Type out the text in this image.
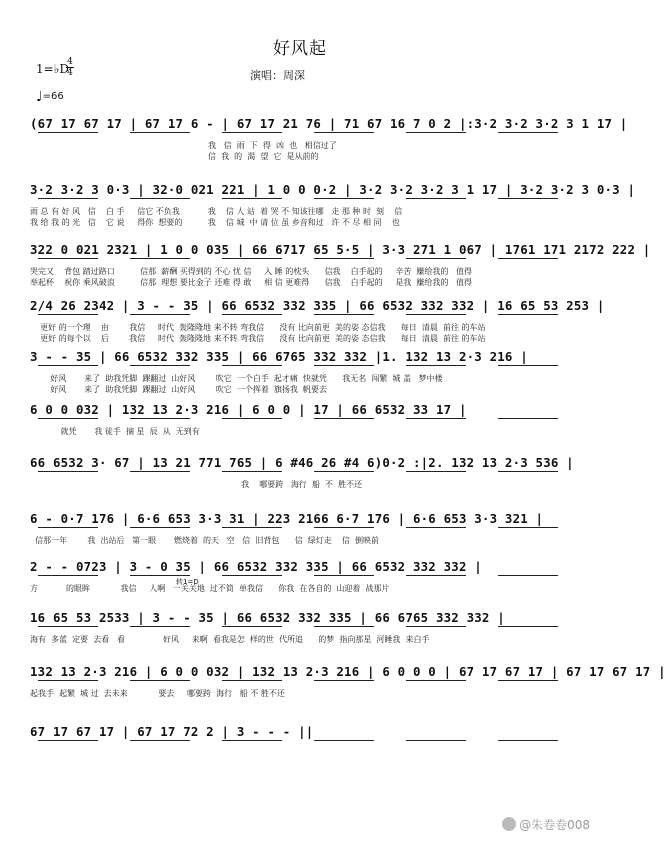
好风起
1=♭D
4
4	演唱：周深
♩=66
(67 17 67 17 | 67 17 6 - | 67 17 21 76 | 71 67 16 7 0 2 |:3·2 3·2 3·2 3 1 17 |
我   信  雨  下  得  凶  也   相信过了
信  我  的  渴  望  它  是从前的
3·2 3·2 3 0·3 | 32·0 021 221 | 1 0 0 0·2 | 3·2 3·2 3·2 3 1 17 | 3·2 3·2 3 0·3 |
雨 总 有 好 风   信    白 手     信它 不负我           我    信 人 站  着 哭 不 知该往哪   走 那 种 时  刻    信
我 给 我 的 光   信    它 说     得你  想要的          我    信 城  中 请 位 虽 乡音和过   许 不 尽 相 同    也
322 0 021 2321 | 1 0 0 035 | 66 6717 65 5·5 | 3·3 271 1 067 | 1761 171 2172 222 |
哭完又    背包 踏过路口          信那  薪酬 买得到的 不心 忧 信     入 睡 的枕头      信我    白手起的     辛苦  赚给我的   值得
举起杯    祝你 乘风破浪          信那  理想 要比金子 还难 得 敢     相 信 更难得      信我    白手起的     是我  赚给我的   值得
2/4 26 2342 | 3 - - 35 | 66 6532 332 335 | 66 6532 332 332 | 16 65 53 253 |
更好 的一个理    由        我信     时代  轰隆隆地 来不转 弯我信      没有 比向前更  美的姿 态信我      每日  清晨  前往 的车站
更好 的每个以    后        我信     时代  轰隆隆地 来不转 弯我信      没有 比向前更  美的姿 态信我      每日  清晨  前往 的车站
3 - - 35 | 66 6532 332 335 | 66 6765 332 332 |1. 132 13 2·3 216 |
好风       来了  助我凭脚  踝翻过  山好风        吹它  一个白手  起才痛  快就凭      我无名  闯繁  城 盖   梦中楼
好风       来了  助我凭脚  踝翻过  山好风        吹它  一个挥着  旗扬我  帆要去
6 0 0 032 | 132 13 2·3 216 | 6 0 0 | 17 | 66 6532 33 17 |
就凭       我 徒手  摘 星  辰  从  无到有
66 6532 3· 67 | 13 21 771 765 | 6 #46 26 #4 6)0·2 :|2. 132 13 2·3 536 |
我    哪要跨   海行  船  不  胜不还
6 - 0·7 176 | 6·6 653 3·3 31 | 223 2166 6·7 176 | 6·6 653 3·3 321 |
信那一年        我  出站后   第一眼       燃烧着  的天   空   信  旧背包      信  绿灯走    信  倒映前
2 - - 0723 | 3 - 0 35 | 66 6532 332 335 | 66 6532 332 332 |
方           的眼眸            我信     人啊   一关关地  过不简  单我信      你我  在各自的  山迎着  战那片
16 65 53 2533 | 3 - - 35 | 66 6532 332 335 | 66 6765 332 332 |
海有  多蓝  定要  去看   看               好风     来啊  看我是怎  样的世  代所追      的梦  指向那星  河睡我  来白手
132 13 2·3 216 | 6 0 0 032 | 132 13 2·3 216 | 6 0 0 0 | 67 17 67 17 | 67 17 67 17 |
起我手  起繁  城 过  去未来            要去     哪要跨  海行   船 不 胜不还
67 17 67 17 | 67 17 72 2 | 3 - - - ||
转1=D
@朱卷卷008
